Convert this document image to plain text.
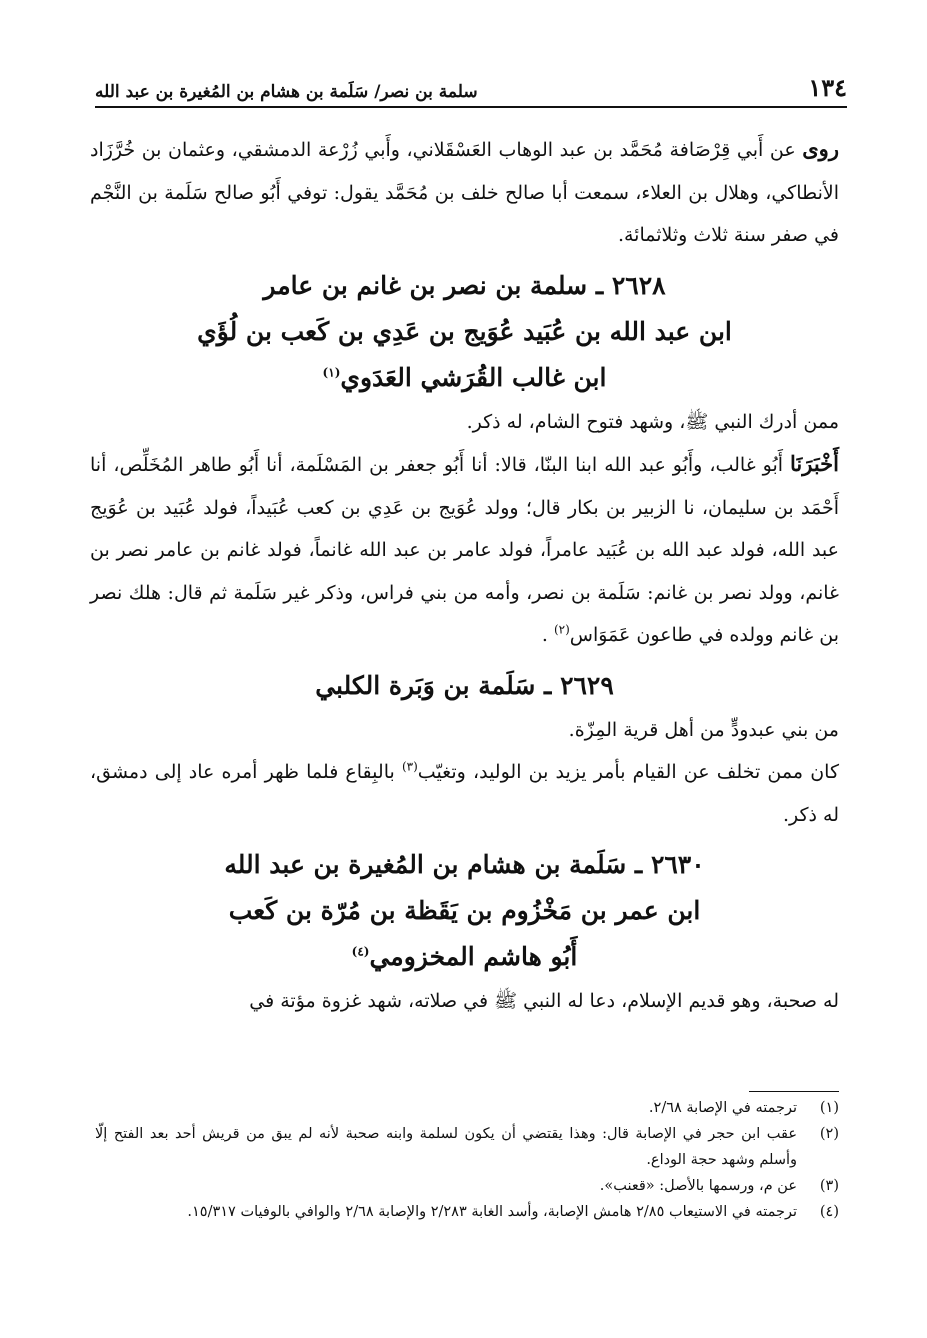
١٣٤
سلمة بن نصر/ سَلَمة بن هشام بن المُغيرة بن عبد الله

روى عن أَبي قِرْصَافة مُحَمَّد بن عبد الوهاب العَسْقَلاني، وأَبي زُرْعة الدمشقي، وعثمان بن خُرَّزَاد الأنطاكي، وهلال بن العلاء، سمعت أبا صالح خلف بن مُحَمَّد يقول: توفي أَبُو صالح سَلَمة بن النَّجْم في صفر سنة ثلاث وثلاثمائة.

٢٦٢٨ ـ سلمة بن نصر بن غانم بن عامر
ابن عبد الله بن عُبَيد عُوَيج بن عَدِي بن كَعب بن لُؤَي
ابن غالب القُرَشي العَدَوي$^{(١)}$

ممن أدرك النبي ﷺ، وشهد فتوح الشام، له ذكر.

أَخْبَرَنَا أَبُو غالب، وأَبُو عبد الله ابنا البنّا، قالا: أنا أَبُو جعفر بن المَسْلَمة، أنا أَبُو طاهر المُخَلِّص، أنا أَحْمَد بن سليمان، نا الزبير بن بكار قال؛ وولد عُوَيج بن عَدِي بن كعب عُبَيداً، فولد عُبَيد بن عُوَيج عبد الله، فولد عبد الله بن عُبَيد عامراً، فولد عامر بن عبد الله غانماً، فولد غانم بن عامر نصر بن غانم، وولد نصر بن غانم: سَلَمة بن نصر، وأمه من بني فراس، وذكر غير سَلَمة ثم قال: هلك نصر بن غانم وولده في طاعون عَمَوَاس$^{(٢)}$ .

٢٦٢٩ ـ سَلَمة بن وَبَرة الكلبي

من بني عبدودٍّ من أهل قرية المِزّة.

كان ممن تخلف عن القيام بأمر يزيد بن الوليد، وتغيّب$^{(٣)}$ بالبِقاع فلما ظهر أمره عاد إلى دمشق، له ذكر.

٢٦٣٠ ـ سَلَمة بن هشام بن المُغيرة بن عبد الله
ابن عمر بن مَخْزُوم بن يَقَظة بن مُرّة بن كَعب
أَبُو هاشم المخزومي$^{(٤)}$

له صحبة، وهو قديم الإسلام، دعا له النبي ﷺ في صلاته، شهد غزوة مؤتة في

(١)
ترجمته في الإصابة ٢/٦٨.
(٢)
عقب ابن حجر في الإصابة قال: وهذا يقتضي أن يكون لسلمة وابنه صحبة لأنه لم يبق من قريش أحد بعد الفتح إلّا وأسلم وشهد حجة الوداع.
(٣)
عن م، ورسمها بالأصل: «قعنب».
(٤)
ترجمته في الاستيعاب ٢/٨٥ هامش الإصابة، وأسد الغابة ٢/٢٨٣ والإصابة ٢/٦٨ والوافي بالوفيات ١٥/٣١٧.
